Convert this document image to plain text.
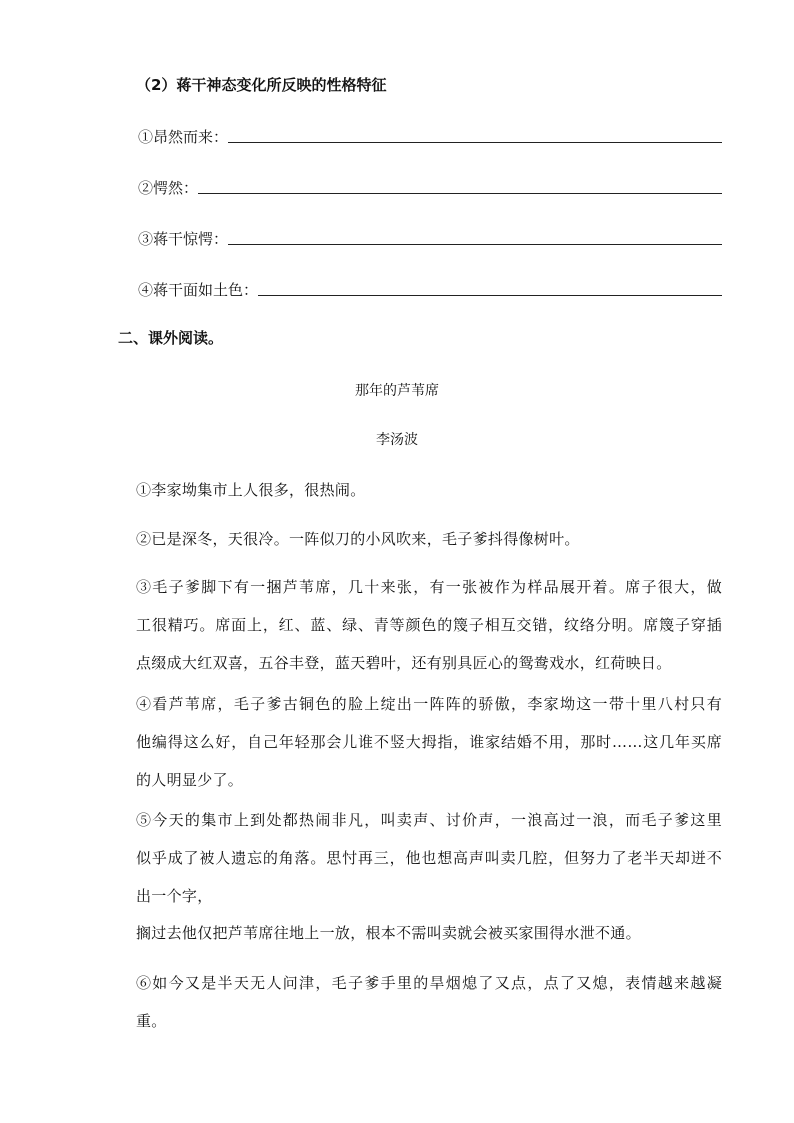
（2）蒋干神态变化所反映的性格特征
①昂然而来：
②愕然：
③蒋干惊愕：
④蒋干面如土色：
二、课外阅读。
那年的芦苇席
李汤波
①李家坳集市上人很多，很热闹。
②已是深冬，天很冷。一阵似刀的小风吹来，毛子爹抖得像树叶。
③毛子爹脚下有一捆芦苇席，几十来张，有一张被作为样品展开着。席子很大，做
工很精巧。席面上，红、蓝、绿、青等颜色的篾子相互交错，纹络分明。席篾子穿插
点缀成大红双喜，五谷丰登，蓝天碧叶，还有别具匠心的鸳鸯戏水，红荷映日。
④看芦苇席，毛子爹古铜色的脸上绽出一阵阵的骄傲，李家坳这一带十里八村只有
他编得这么好，自己年轻那会儿谁不竖大拇指，谁家结婚不用，那时……这几年买席
的人明显少了。
⑤今天的集市上到处都热闹非凡，叫卖声、讨价声，一浪高过一浪，而毛子爹这里
似乎成了被人遗忘的角落。思忖再三，他也想高声叫卖几腔，但努力了老半天却迸不
出一个字，
搁过去他仅把芦苇席往地上一放，根本不需叫卖就会被买家围得水泄不通。
⑥如今又是半天无人问津，毛子爹手里的旱烟熄了又点，点了又熄，表情越来越凝
重。
